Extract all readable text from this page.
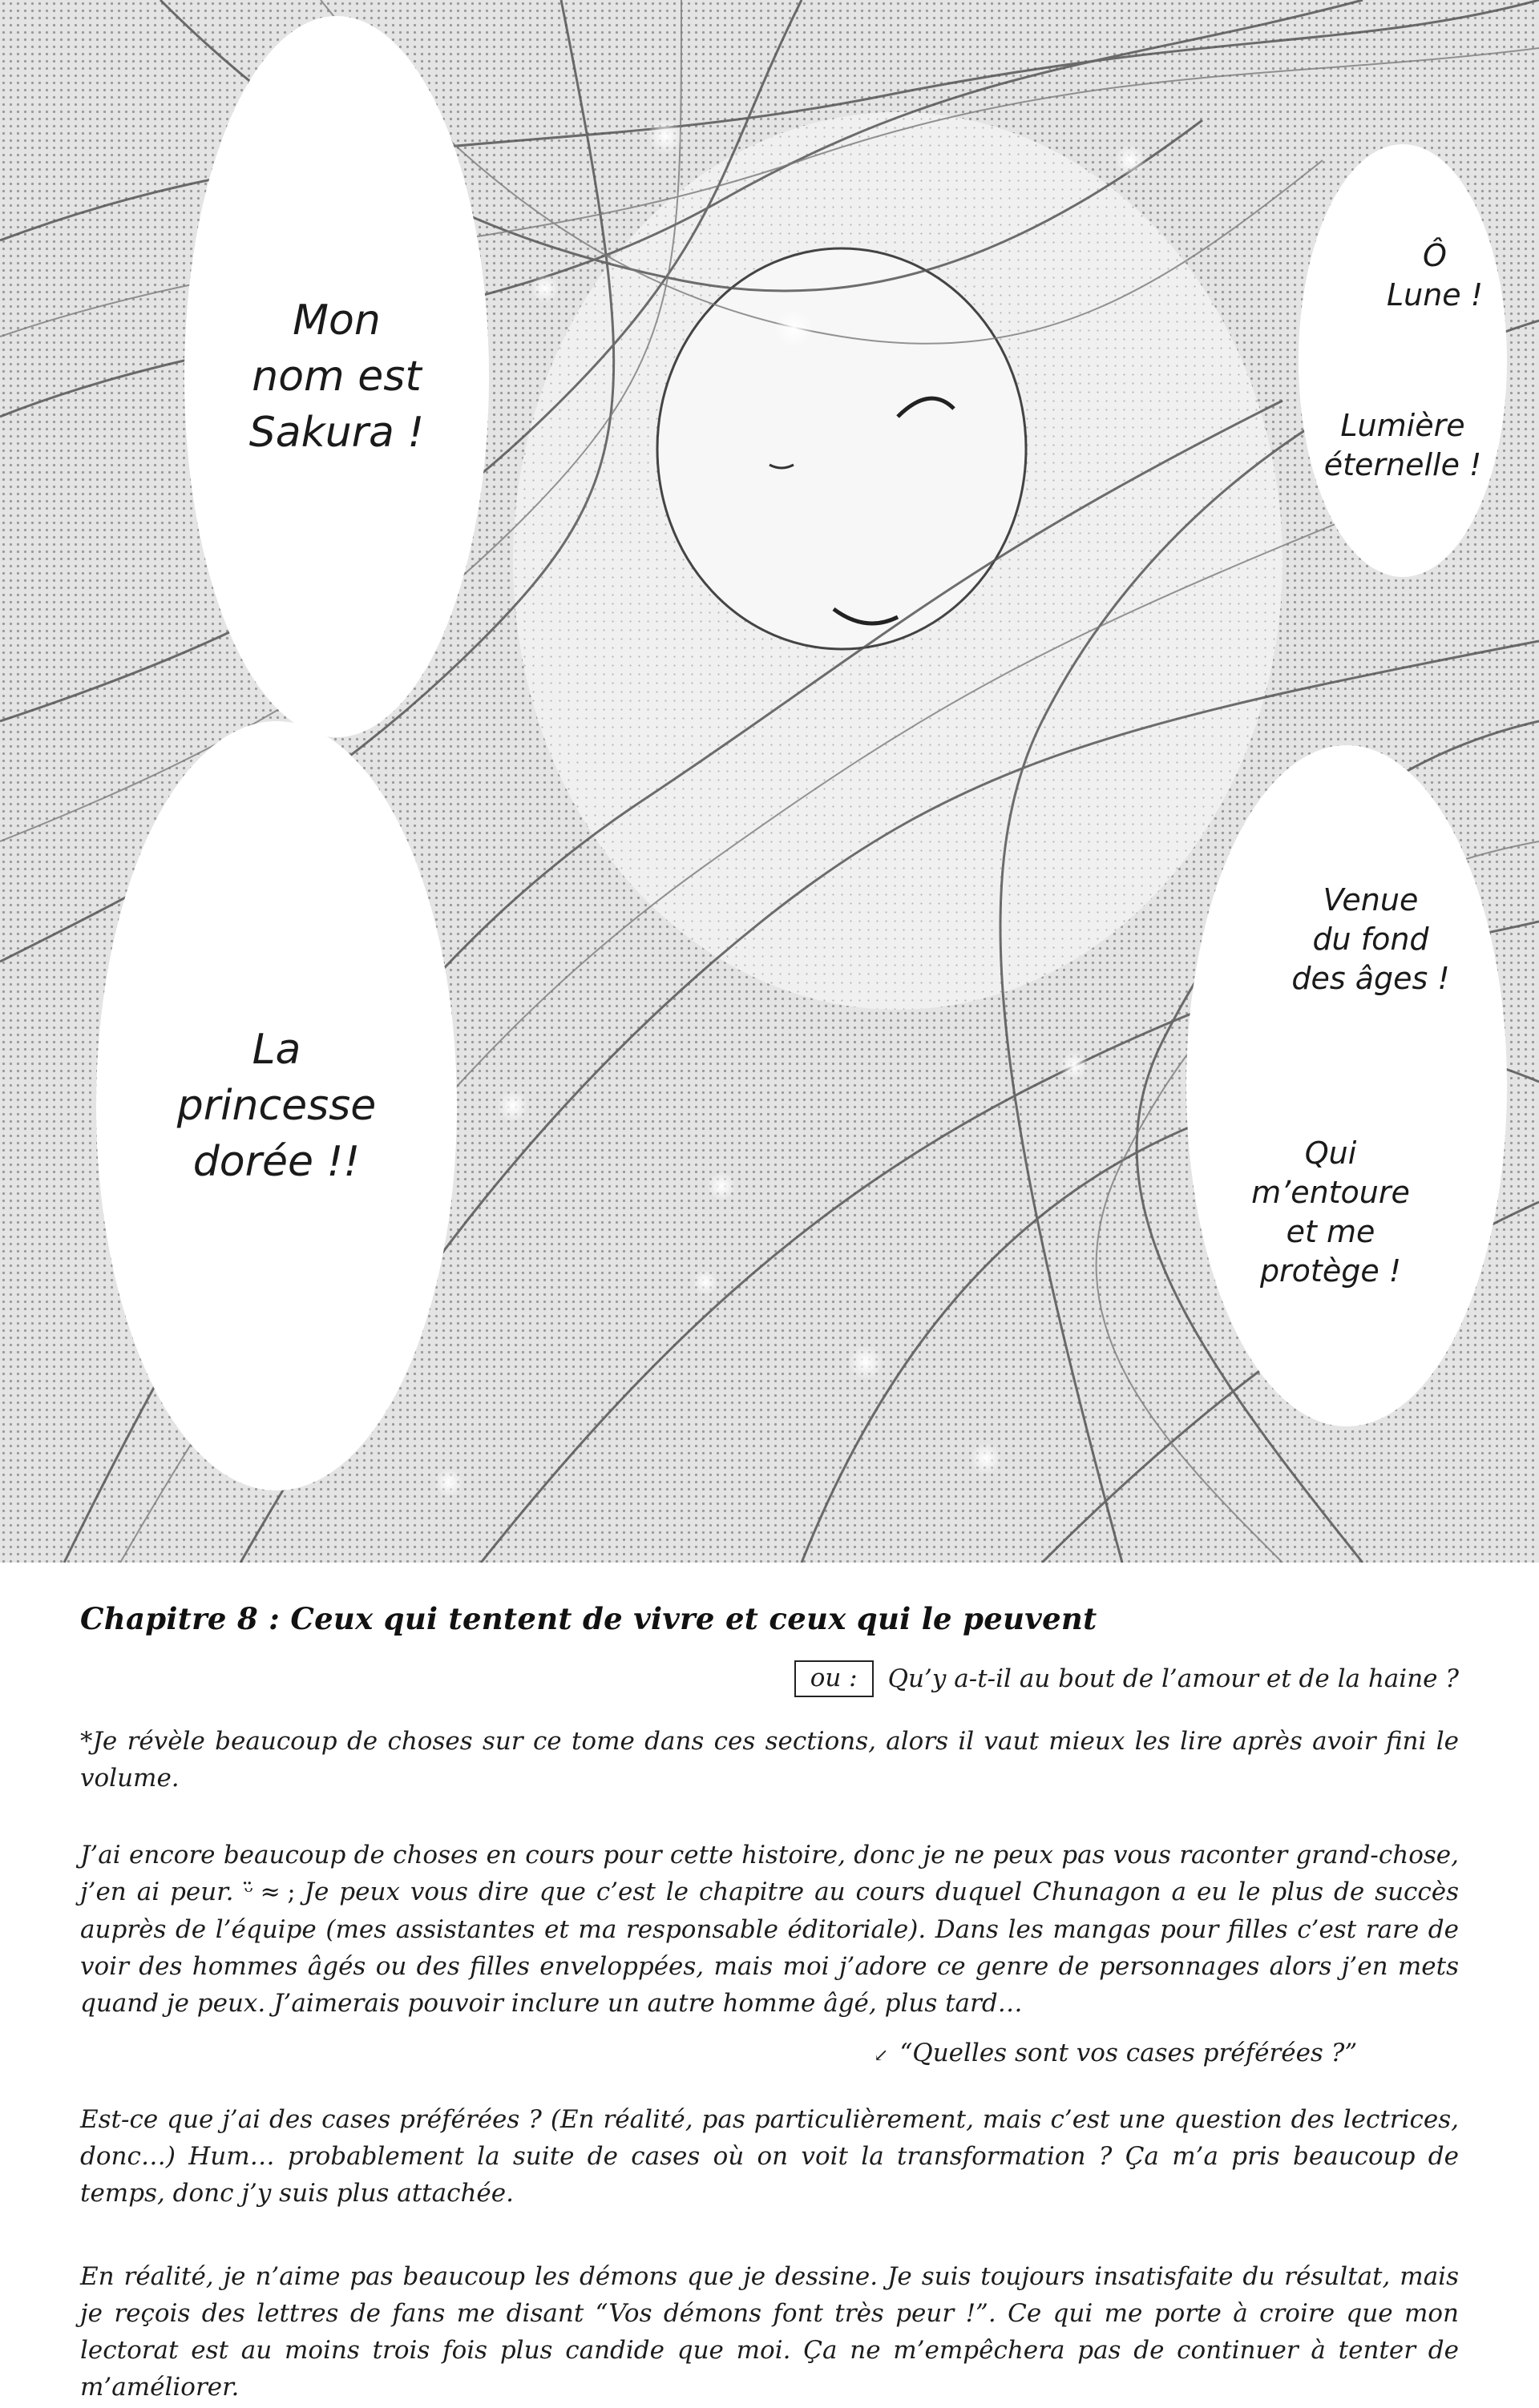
Mon
nom est
Sakura !
La
princesse
dorée !!
Ô
Lune !
Lumière
éternelle !
Venue
du fond
des âges !
Qui
m’entoure
et me
protège !
Chapitre 8 : Ceux qui tentent de vivre et ceux qui le peuvent
ou :	Qu’y a-t-il au bout de l’amour et de la haine ?
*Je révèle beaucoup de choses sur ce tome dans ces sections, alors il vaut mieux les lire après avoir fini le volume.
J’ai encore beaucoup de choses en cours pour cette histoire, donc je ne peux pas vous raconter grand-chose, j’en ai peur. ᵕ̈ ≈ ; Je peux vous dire que c’est le chapitre au cours duquel Chunagon a eu le plus de succès auprès de l’équipe (mes assistantes et ma responsable éditoriale). Dans les mangas pour filles c’est rare de voir des hommes âgés ou des filles enveloppées, mais moi j’adore ce genre de personnages alors j’en mets quand je peux. J’aimerais pouvoir inclure un autre homme âgé, plus tard…
↙ “Quelles sont vos cases préférées ?”
Est-ce que j’ai des cases préférées ? (En réalité, pas particulièrement, mais c’est une question des lectrices, donc…) Hum… probablement la suite de cases où on voit la transformation ? Ça m’a pris beaucoup de temps, donc j’y suis plus attachée.
En réalité, je n’aime pas beaucoup les démons que je dessine. Je suis toujours insatisfaite du résultat, mais je reçois des lettres de fans me disant “Vos démons font très peur !”. Ce qui me porte à croire que mon lectorat est au moins trois fois plus candide que moi. Ça ne m’empêchera pas de continuer à tenter de m’améliorer.
